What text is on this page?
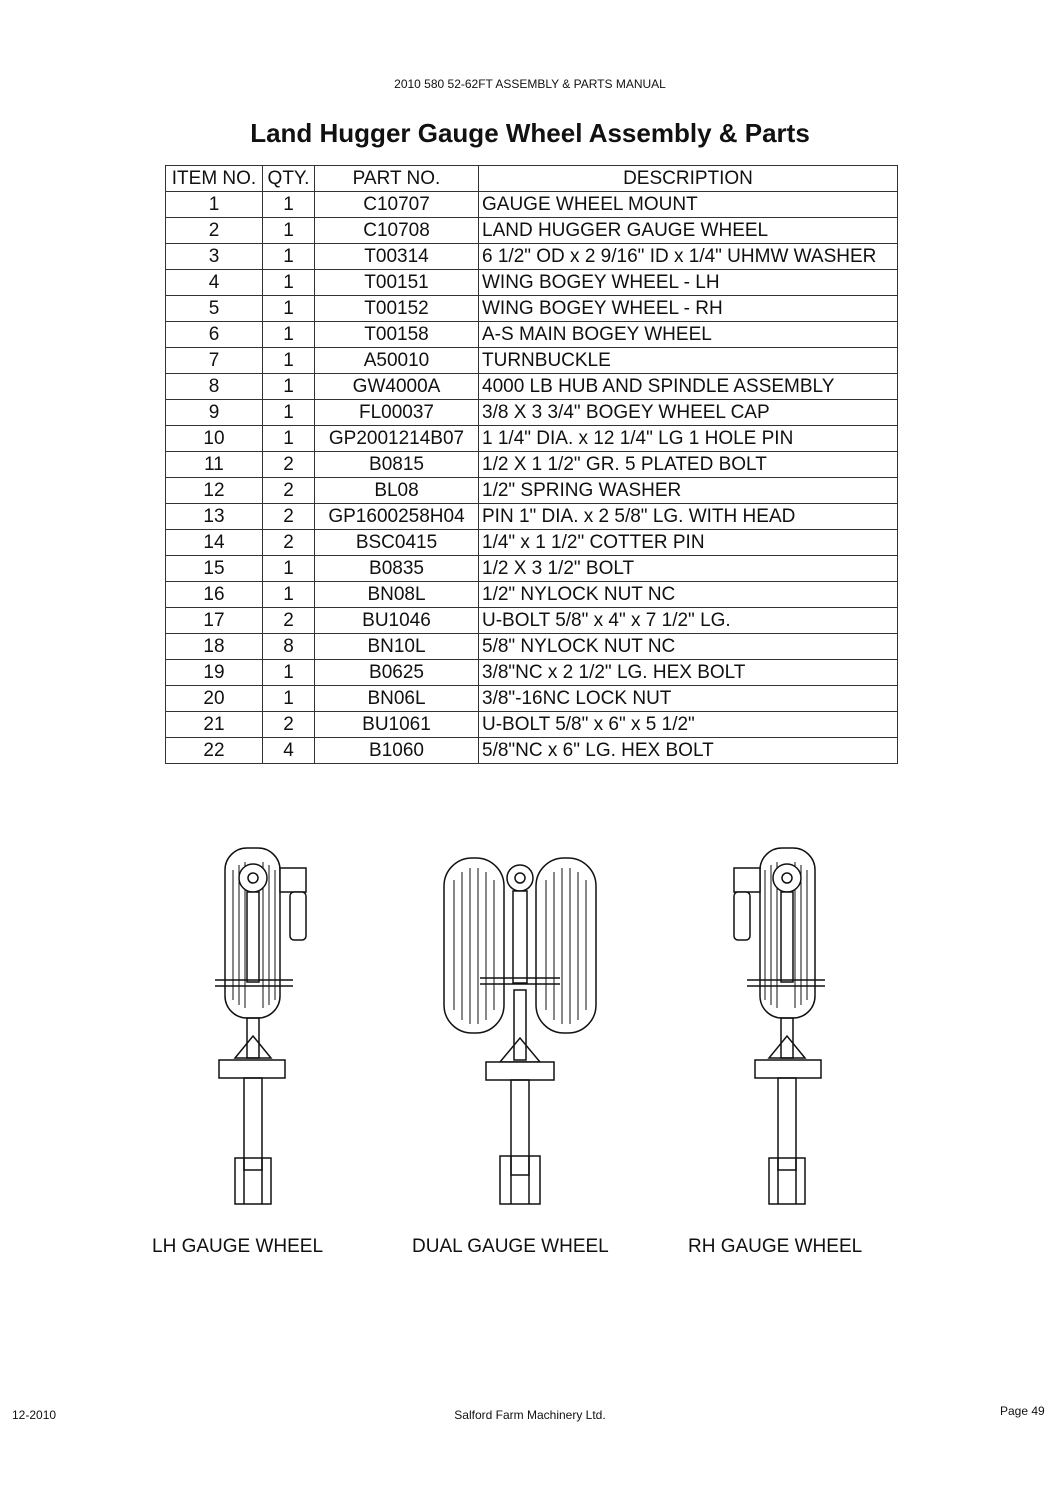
2010 580 52-62FT ASSEMBLY & PARTS MANUAL
Land Hugger Gauge Wheel Assembly & Parts
ITEM NO.	QTY.	PART NO.	DESCRIPTION
1	1	C10707	GAUGE WHEEL MOUNT
2	1	C10708	LAND HUGGER GAUGE WHEEL
3	1	T00314	6 1/2" OD x 2 9/16" ID x 1/4" UHMW WASHER
4	1	T00151	WING BOGEY WHEEL - LH
5	1	T00152	WING BOGEY WHEEL - RH
6	1	T00158	A-S MAIN BOGEY WHEEL
7	1	A50010	TURNBUCKLE
8	1	GW4000A	4000 LB HUB AND SPINDLE ASSEMBLY
9	1	FL00037	3/8 X 3 3/4" BOGEY WHEEL CAP
10	1	GP2001214B07	1 1/4" DIA. x 12 1/4" LG 1 HOLE PIN
11	2	B0815	1/2 X 1 1/2" GR. 5 PLATED BOLT
12	2	BL08	1/2" SPRING WASHER
13	2	GP1600258H04	PIN 1" DIA. x 2 5/8" LG. WITH HEAD
14	2	BSC0415	1/4" x 1 1/2" COTTER PIN
15	1	B0835	1/2 X 3 1/2" BOLT
16	1	BN08L	1/2" NYLOCK NUT NC
17	2	BU1046	U-BOLT 5/8" x 4" x 7 1/2" LG.
18	8	BN10L	5/8" NYLOCK NUT NC
19	1	B0625	3/8"NC x 2 1/2" LG. HEX BOLT
20	1	BN06L	3/8"-16NC LOCK NUT
21	2	BU1061	U-BOLT 5/8" x 6" x 5 1/2"
22	4	B1060	5/8"NC x 6" LG. HEX BOLT
LH GAUGE WHEEL	DUAL GAUGE WHEEL	RH GAUGE WHEEL
12-2010	Salford Farm Machinery Ltd.	Page 49
